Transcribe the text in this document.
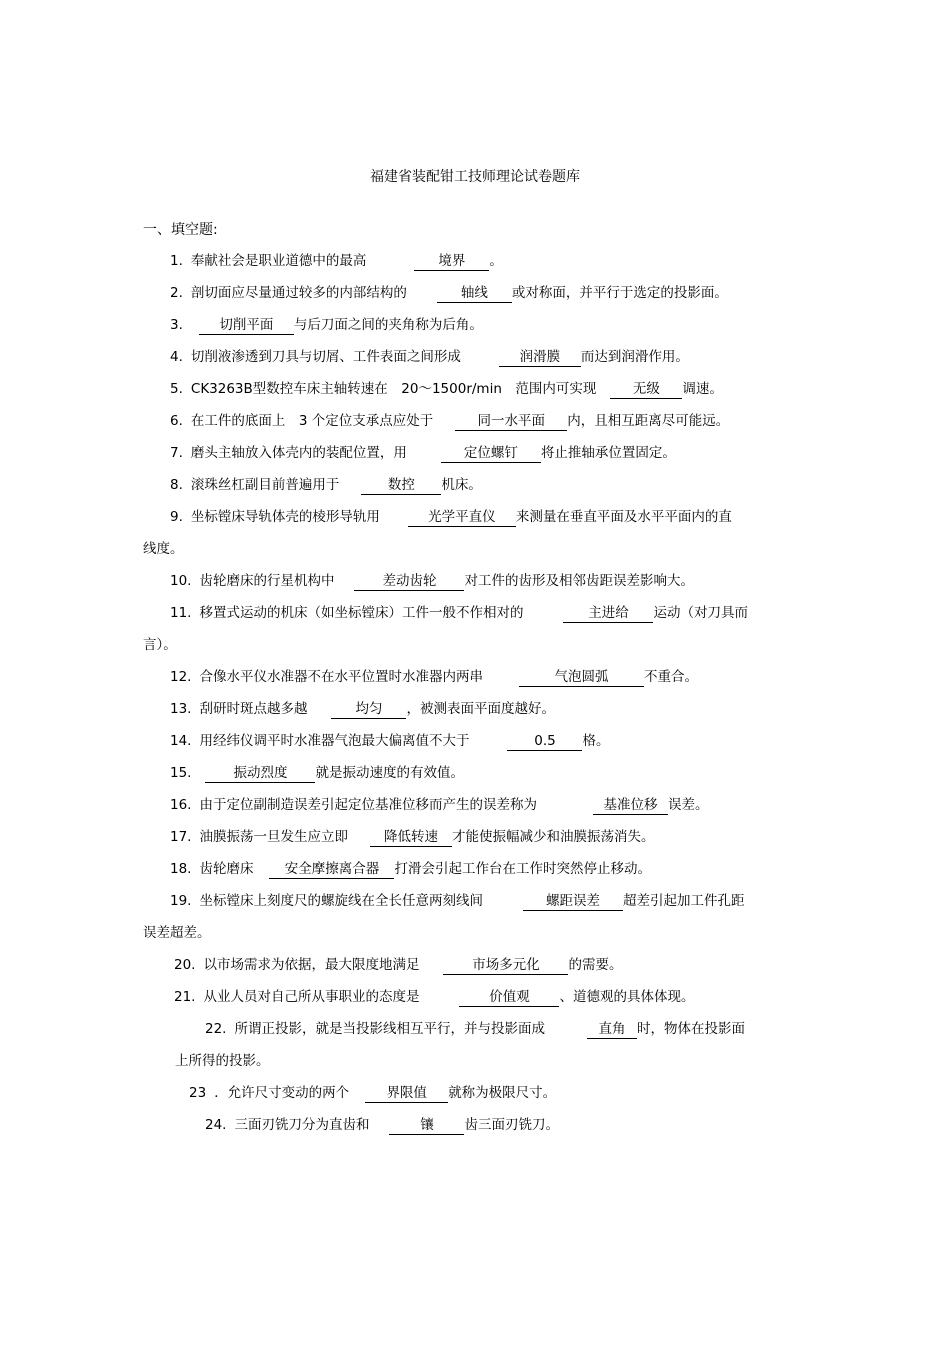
福建省装配钳工技师理论试卷题库
一、填空题:
1. 奉献社会是职业道德中的最高	境界 。
2. 剖切面应尽量通过较多的内部结构的	轴线 或对称面，并平行于选定的投影面。
3.	切削平面 与后刀面之间的夹角称为后角。
4. 切削液渗透到刀具与切屑、工件表面之间形成	润滑膜 而达到润滑作用。
5. CK3263B型数控车床主轴转速在　20～1500r/min　范围内可实现	无级 调速。
6. 在工件的底面上　3 个定位支承点应处于	同一水平面 内，且相互距离尽可能远。
7. 磨头主轴放入体壳内的装配位置，用	定位螺钉 将止推轴承位置固定。
8. 滚珠丝杠副目前普遍用于	数控 机床。
9. 坐标镗床导轨体壳的棱形导轨用	光学平直仪 来测量在垂直平面及水平平面内的直
线度。
10. 齿轮磨床的行星机构中	差动齿轮 对工件的齿形及相邻齿距误差影响大。
11. 移置式运动的机床（如坐标镗床）工件一般不作相对的	主进给 运动（对刀具而
言）。
12. 合像水平仪水准器不在水平位置时水准器内两串	气泡圆弧	不重合。
13. 刮研时斑点越多越	均匀 ，被测表面平面度越好。
14. 用经纬仪调平时水准器气泡最大偏离值不大于	0.5 格。
15.	振动烈度 就是振动速度的有效值。
16. 由于定位副制造误差引起定位基准位移而产生的误差称为	基准位移 误差。
17. 油膜振荡一旦发生应立即	降低转速 才能使振幅减少和油膜振荡消失。
18. 齿轮磨床 安全摩擦离合器 打滑会引起工作台在工作时突然停止移动。
19. 坐标镗床上刻度尺的螺旋线在全长任意两刻线间	螺距误差 超差引起加工件孔距
误差超差。
20. 以市场需求为依据，最大限度地满足	市场多元化 的需要。
21. 从业人员对自己所从事职业的态度是	价值观 、道德观的具体体现。
22. 所谓正投影，就是当投影线相互平行，并与投影面成	直角 时，物体在投影面
上所得的投影。
23 ．允许尺寸变动的两个	界限值 就称为极限尺寸。
24. 三面刃铣刀分为直齿和	镶 齿三面刃铣刀。
